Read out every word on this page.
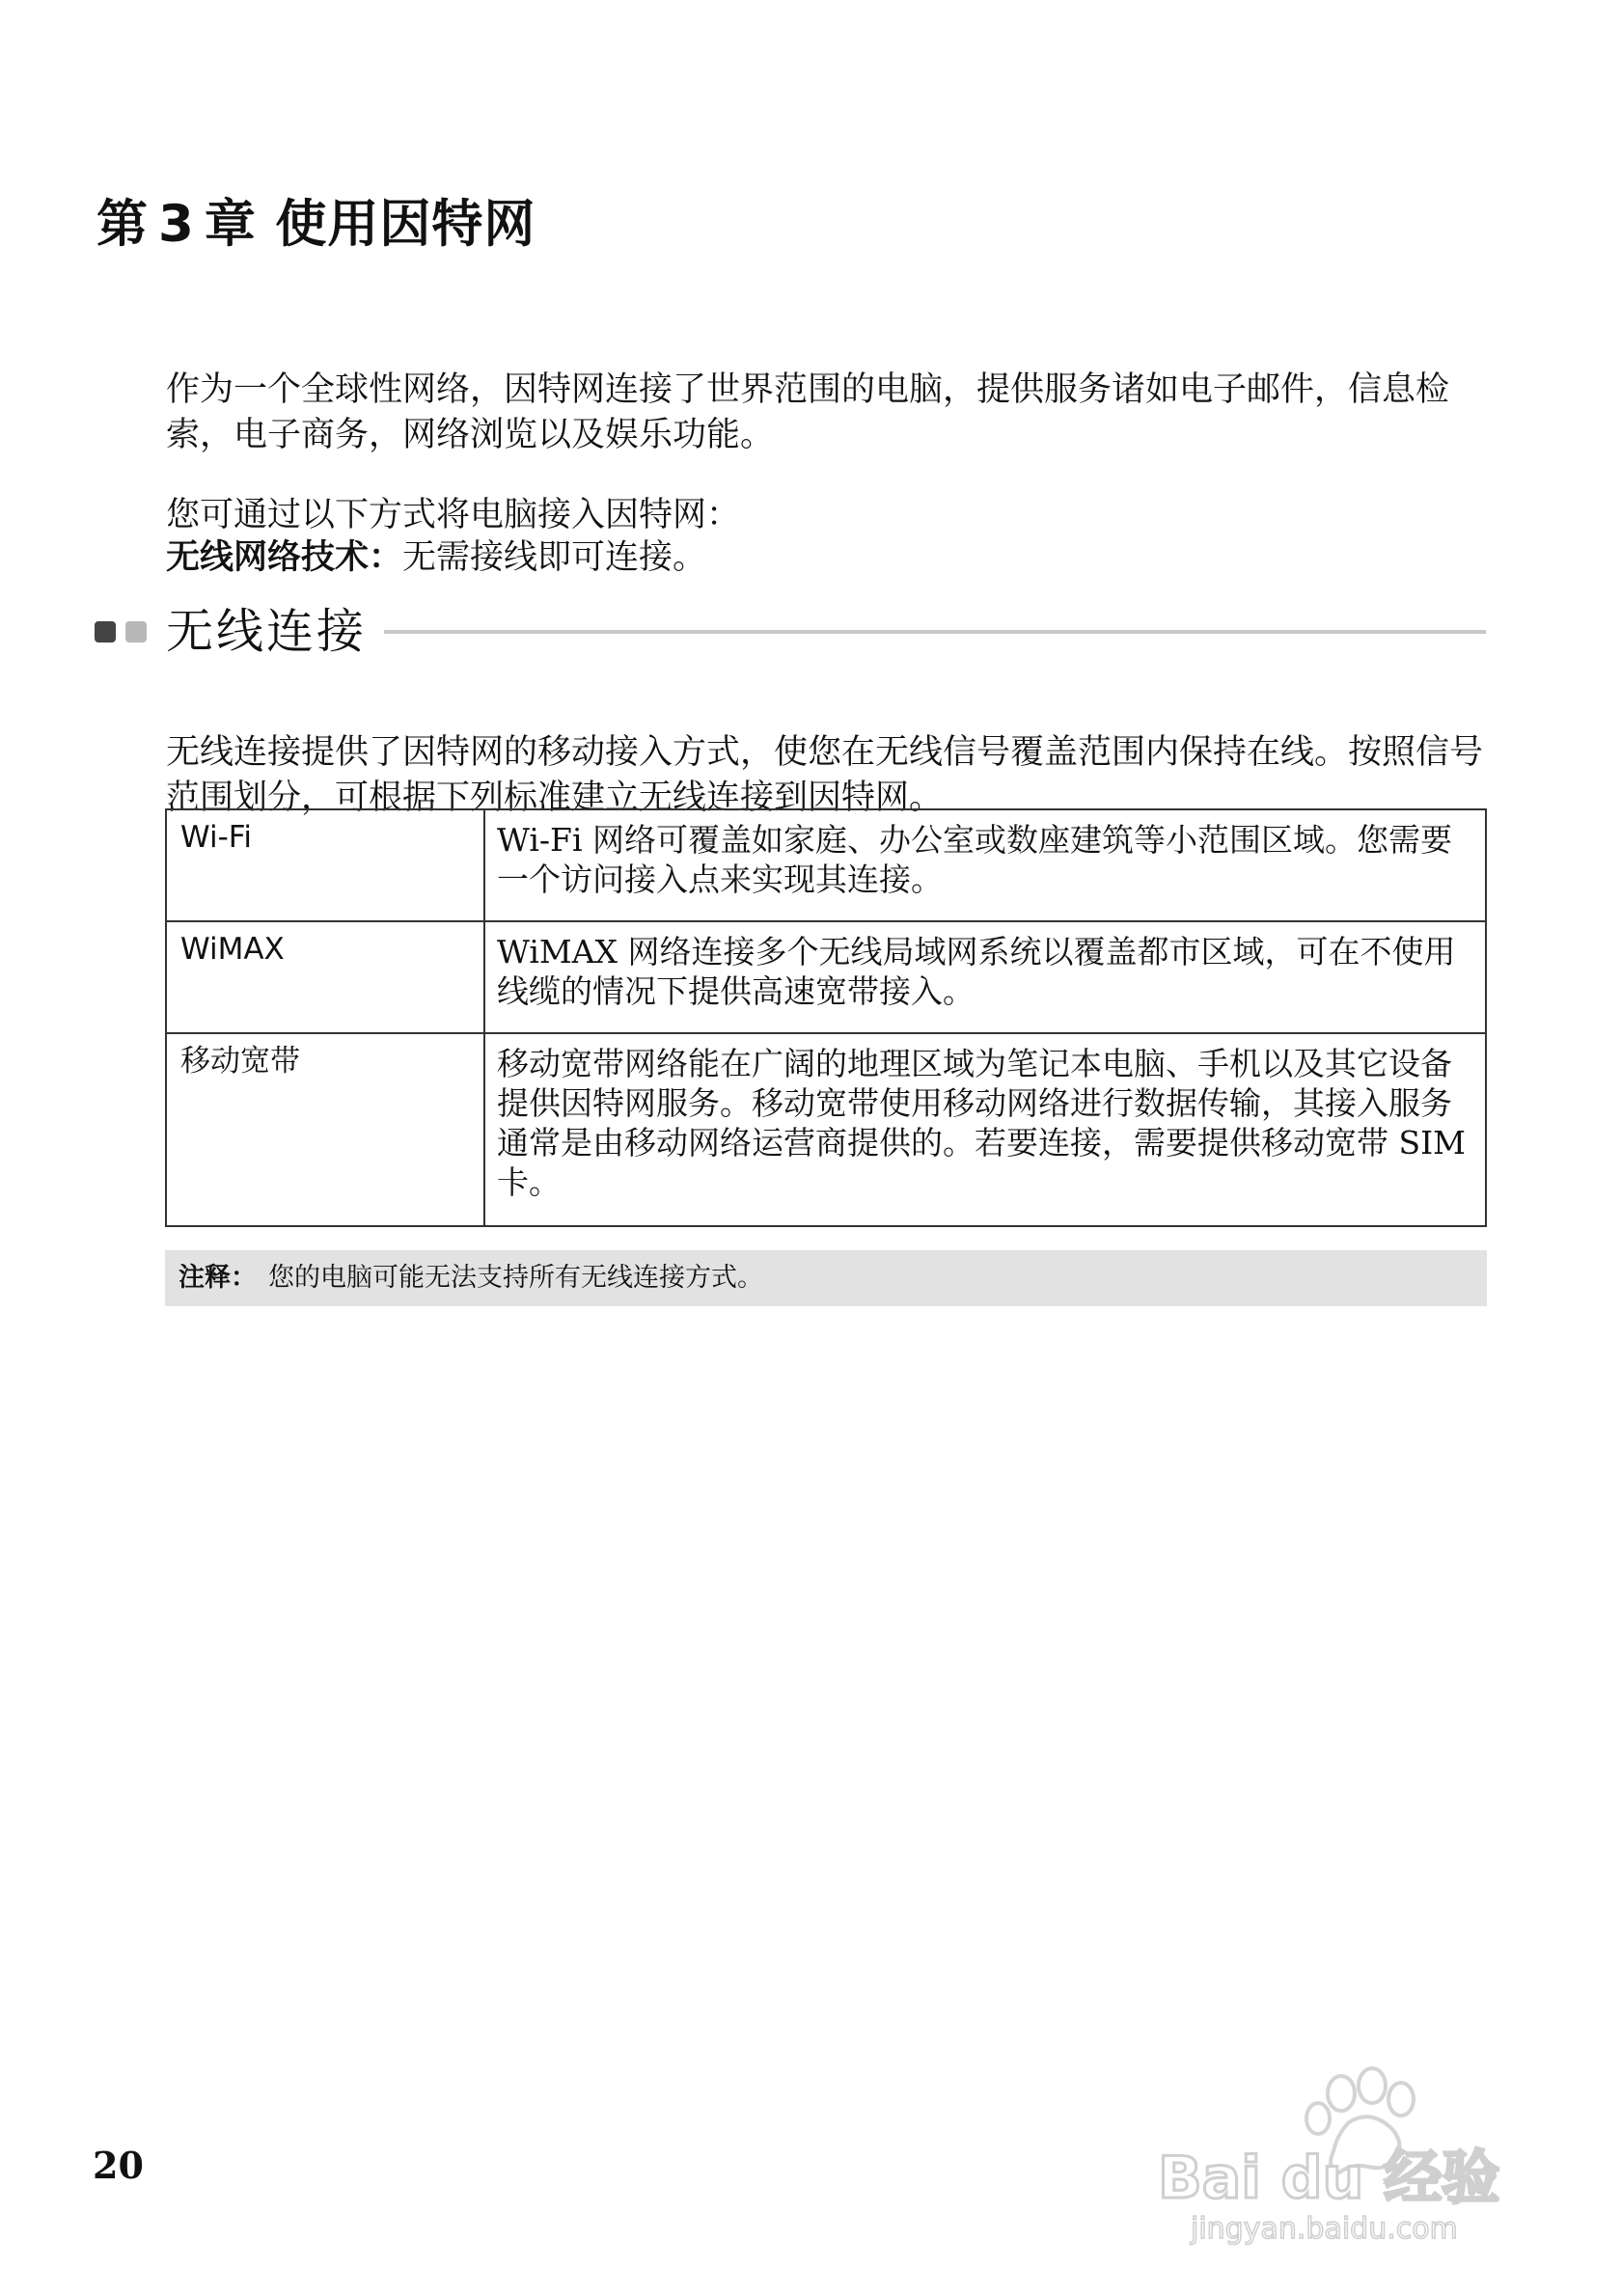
第 3 章 使用因特网

作为一个全球性网络，因特网连接了世界范围的电脑，提供服务诸如电子邮件，信息检索，电子商务，网络浏览以及娱乐功能。

您可通过以下方式将电脑接入因特网：

无线网络技术：无需接线即可连接。

无线连接

无线连接提供了因特网的移动接入方式，使您在无线信号覆盖范围内保持在线。按照信号范围划分，可根据下列标准建立无线连接到因特网。

Wi-Fi	Wi-Fi 网络可覆盖如家庭、办公室或数座建筑等小范围区域。您需要一个访问接入点来实现其连接。
WiMAX	WiMAX 网络连接多个无线局域网系统以覆盖都市区域，可在不使用线缆的情况下提供高速宽带接入。
移动宽带	移动宽带网络能在广阔的地理区域为笔记本电脑、手机以及其它设备提供因特网服务。移动宽带使用移动网络进行数据传输，其接入服务通常是由移动网络运营商提供的。若要连接，需要提供移动宽带 SIM 卡。
注释： 您的电脑可能无法支持所有无线连接方式。
20	Bai du 经验
jingyan.baidu.com
